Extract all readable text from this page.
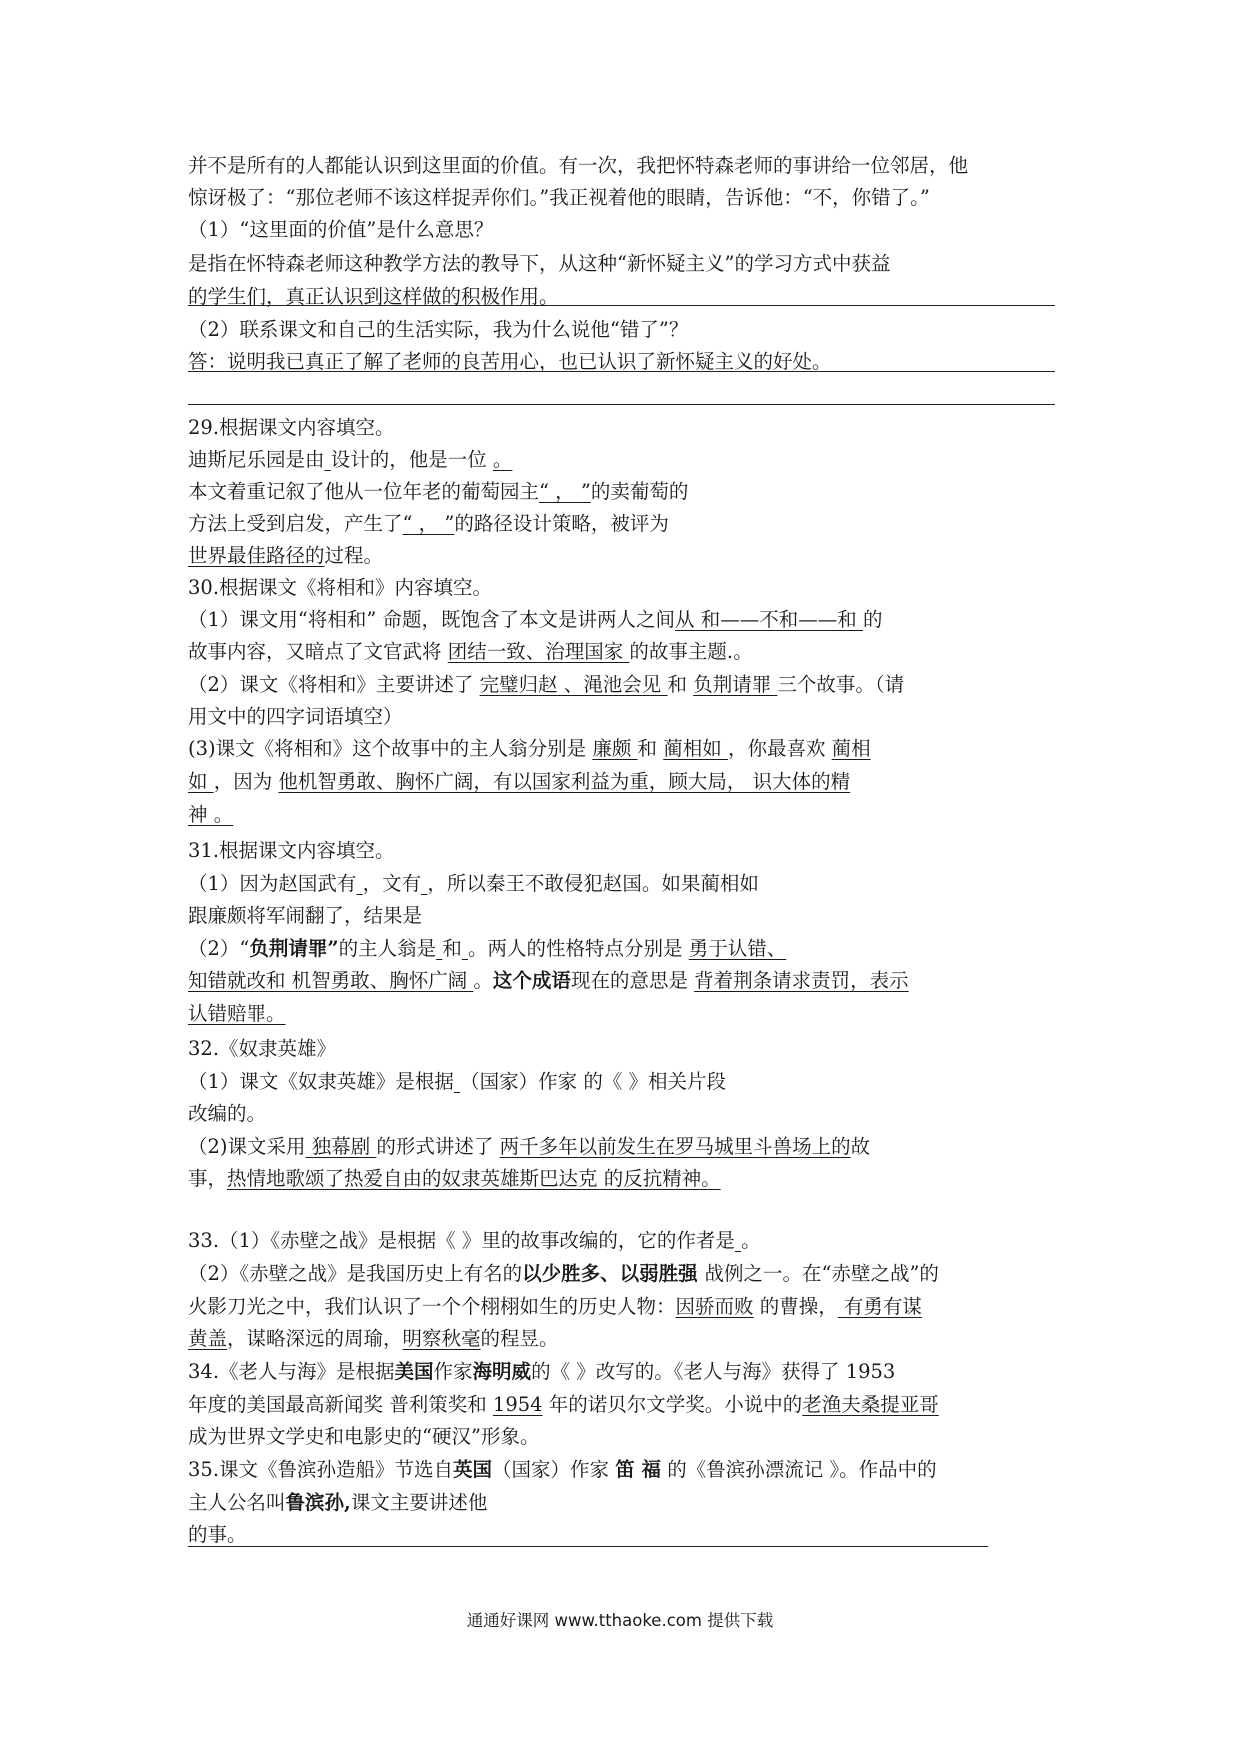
并不是所有的人都能认识到这里面的价值。有一次，我把怀特森老师的事讲给一位邻居，他
惊讶极了：“那位老师不该这样捉弄你们。”我正视着他的眼睛，告诉他：“不，你错了。”
（1）“这里面的价值”是什么意思？
是指在怀特森老师这种教学方法的教导下，从这种“新怀疑主义”的学习方式中获益
的学生们，真正认识到这样做的积极作用。
（2）联系课文和自己的生活实际，我为什么说他“错了”？
答：说明我已真正了解了老师的良苦用心，也已认识了新怀疑主义的好处。
29.根据课文内容填空。
迪斯尼乐园是由 设计的，他是一位 。
本文着重记叙了他从一位年老的葡萄园主“ ， ”的卖葡萄的
方法上受到启发，产生了“ ， ”的路径设计策略，被评为
世界最佳路径的过程。
30.根据课文《将相和》内容填空。
（1）课文用“将相和” 命题，既饱含了本文是讲两人之间从 和——不和——和 的
故事内容，又暗点了文官武将 团结一致、治理国家 的故事主题.。
（2）课文《将相和》主要讲述了 完璧归赵 、渑池会见 和 负荆请罪 三个故事。（请
用文中的四字词语填空）
(3)课文《将相和》这个故事中的主人翁分别是 廉颇 和 蔺相如 ，你最喜欢 蔺相
如 ，因为 他机智勇敢、胸怀广阔，有以国家利益为重，顾大局， 识大体的精
神 。
31.根据课文内容填空。
（1）因为赵国武有 ，文有 ，所以秦王不敢侵犯赵国。如果蔺相如
跟廉颇将军闹翻了，结果是
（2）“负荆请罪”的主人翁是 和 。两人的性格特点分别是 勇于认错、
知错就改和 机智勇敢、胸怀广阔 。这个成语现在的意思是 背着荆条请求责罚，表示
认错赔罪。
32.《奴隶英雄》
（1）课文《奴隶英雄》是根据 （国家）作家 的《 》相关片段
改编的。
（2)课文采用 独幕剧 的形式讲述了 两千多年以前发生在罗马城里斗兽场上的故
事，热情地歌颂了热爱自由的奴隶英雄斯巴达克 的反抗精神。
33.（1）《赤壁之战》是根据《 》里的故事改编的，它的作者是 。
（2）《赤壁之战》是我国历史上有名的以少胜多、以弱胜强 战例之一。在“赤壁之战”的
火影刀光之中，我们认识了一个个栩栩如生的历史人物：因骄而败 的曹操， 有勇有谋
黄盖，谋略深远的周瑜，明察秋毫的程昱。
34.《老人与海》是根据美国作家海明威的《 》改写的。《老人与海》获得了 1953
年度的美国最高新闻奖 普利策奖和 1954 年的诺贝尔文学奖。小说中的老渔夫桑提亚哥
成为世界文学史和电影史的“硬汉”形象。
35.课文《鲁滨孙造船》节选自英国（国家）作家 笛 福 的《鲁滨孙漂流记 》。作品中的
主人公名叫鲁滨孙,课文主要讲述他
的事。
通通好课网 www.tthaoke.com 提供下载
